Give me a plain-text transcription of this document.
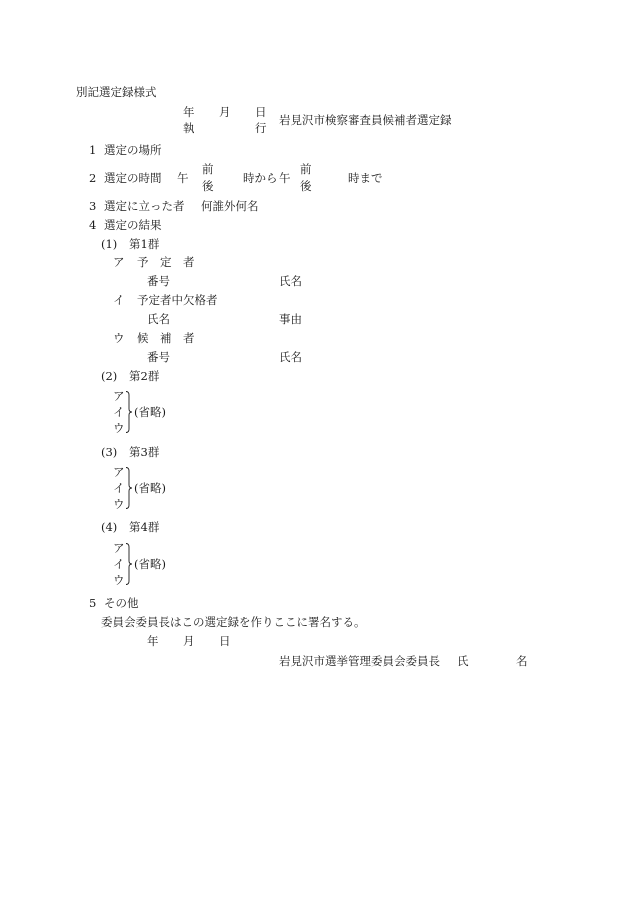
別記選定録様式
年 月 日
執	行
岩見沢市検察審査員候補者選定録
1 選定の場所
2 選定の時間 午
前
後
時から 午
前
後
時まで
3 選定に立った者 何誰外何名
4 選定の結果
(1) 第1群
ア 予　定　者
番号	氏名
イ 予定者中欠格者
氏名	事由
ウ 候　補　者
番号	氏名
(2) 第2群
ア
イ
ウ
(省略)
(3) 第3群
ア
イ
ウ
(省略)
(4) 第4群
ア
イ
ウ
(省略)
5 その他
委員会委員長はこの選定録を作りここに署名する。
年 月 日
岩見沢市選挙管理委員会委員長 氏	名
